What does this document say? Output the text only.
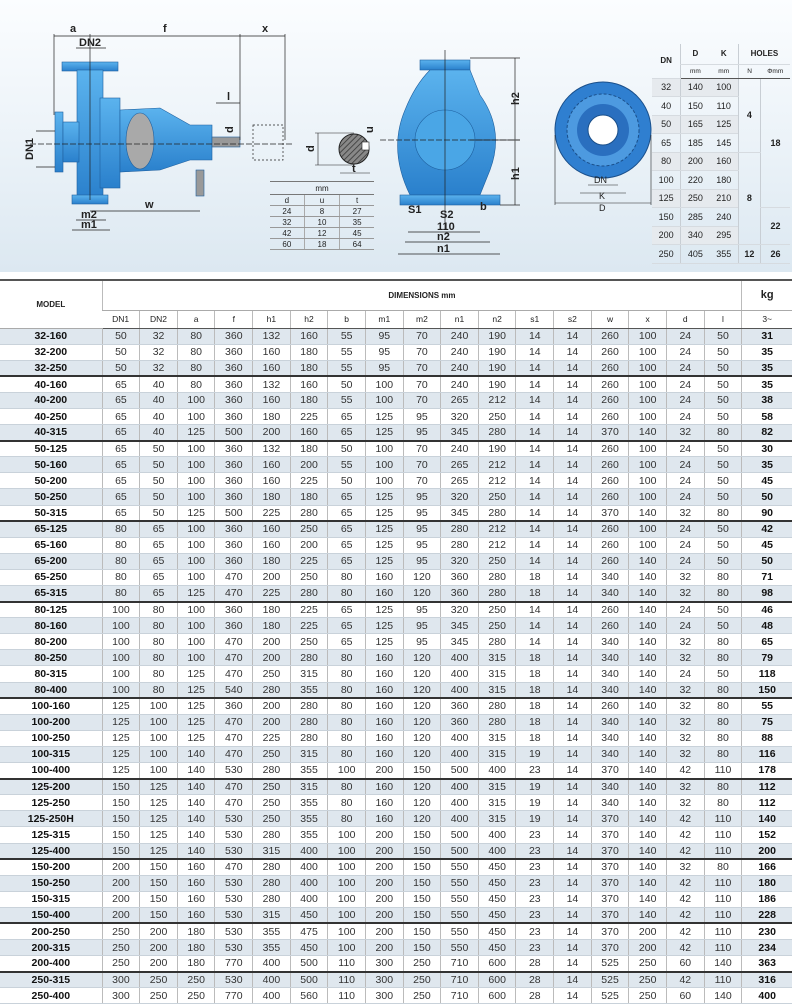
a	f	x
DN2
DN1
l
d
w
m2
m1
d
t
u
h2
h1
S1 S2
110
b
n2
n1
DN
K
D
mm		
d	u	t
24	8	27
32	10	35
42	12	45
60	18	64
DN	D	K	HOLES	
	mm	mm	N	Φmm
32	140	100	4	18
40	150	110		
50	165	125		
65	185	145		
80	200	160	8	
100	220	180		
125	250	210		
150	285	240		22
200	340	295		
250	405	355	12	26
MODEL	DIMENSIONS mm																	kg
	DN1	DN2	a	f	h1	h2	b	m1	m2	n1	n2	s1	s2	w	x	d	l	3~
32-160	50	32	80	360	132	160	55	95	70	240	190	14	14	260	100	24	50	31
32-200	50	32	80	360	160	180	55	95	70	240	190	14	14	260	100	24	50	35
32-250	50	32	80	360	160	180	55	95	70	240	190	14	14	260	100	24	50	35
40-160	65	40	80	360	132	160	50	100	70	240	190	14	14	260	100	24	50	35
40-200	65	40	100	360	160	180	55	100	70	265	212	14	14	260	100	24	50	38
40-250	65	40	100	360	180	225	65	125	95	320	250	14	14	260	100	24	50	58
40-315	65	40	125	500	200	160	65	125	95	345	280	14	14	370	140	32	80	82
50-125	65	50	100	360	132	180	50	100	70	240	190	14	14	260	100	24	50	30
50-160	65	50	100	360	160	200	55	100	70	265	212	14	14	260	100	24	50	35
50-200	65	50	100	360	160	225	50	100	70	265	212	14	14	260	100	24	50	45
50-250	65	50	100	360	180	180	65	125	95	320	250	14	14	260	100	24	50	50
50-315	65	50	125	500	225	280	65	125	95	345	280	14	14	370	140	32	80	90
65-125	80	65	100	360	160	250	65	125	95	280	212	14	14	260	100	24	50	42
65-160	80	65	100	360	160	200	65	125	95	280	212	14	14	260	100	24	50	45
65-200	80	65	100	360	180	225	65	125	95	320	250	14	14	260	140	24	50	50
65-250	80	65	100	470	200	250	80	160	120	360	280	18	14	340	140	32	80	71
65-315	80	65	125	470	225	280	80	160	120	360	280	18	14	340	140	32	80	98
80-125	100	80	100	360	180	225	65	125	95	320	250	14	14	260	140	24	50	46
80-160	100	80	100	360	180	225	65	125	95	345	250	14	14	260	140	24	50	48
80-200	100	80	100	470	200	250	65	125	95	345	280	14	14	340	140	32	80	65
80-250	100	80	100	470	200	280	80	160	120	400	315	18	14	340	140	32	80	79
80-315	100	80	125	470	250	315	80	160	120	400	315	18	14	340	140	24	50	118
80-400	100	80	125	540	280	355	80	160	120	400	315	18	14	340	140	32	80	150
100-160	125	100	125	360	200	280	80	160	120	360	280	18	14	260	140	32	80	55
100-200	125	100	125	470	200	280	80	160	120	360	280	18	14	340	140	32	80	75
100-250	125	100	125	470	225	280	80	160	120	400	315	18	14	340	140	32	80	88
100-315	125	100	140	470	250	315	80	160	120	400	315	19	14	340	140	32	80	116
100-400	125	100	140	530	280	355	100	200	150	500	400	23	14	370	140	42	110	178
125-200	150	125	140	470	250	315	80	160	120	400	315	19	14	340	140	32	80	112
125-250	150	125	140	470	250	355	80	160	120	400	315	19	14	340	140	32	80	112
125-250H	150	125	140	530	250	355	80	160	120	400	315	19	14	370	140	42	110	140
125-315	150	125	140	530	280	355	100	200	150	500	400	23	14	370	140	42	110	152
125-400	150	125	140	530	315	400	100	200	150	500	400	23	14	370	140	42	110	200
150-200	200	150	160	470	280	400	100	200	150	550	450	23	14	370	140	32	80	166
150-250	200	150	160	530	280	400	100	200	150	550	450	23	14	370	140	42	110	180
150-315	200	150	160	530	280	400	100	200	150	550	450	23	14	370	140	42	110	186
150-400	200	150	160	530	315	450	100	200	150	550	450	23	14	370	140	42	110	228
200-250	250	200	180	530	355	475	100	200	150	550	450	23	14	370	200	42	110	230
200-315	250	200	180	530	355	450	100	200	150	550	450	23	14	370	200	42	110	234
200-400	250	200	180	770	400	500	110	300	250	710	600	28	14	525	250	60	140	363
250-315	300	250	250	530	400	500	110	300	250	710	600	28	14	525	250	42	110	316
250-400	300	250	250	770	400	560	110	300	250	710	600	28	14	525	250	60	140	400
